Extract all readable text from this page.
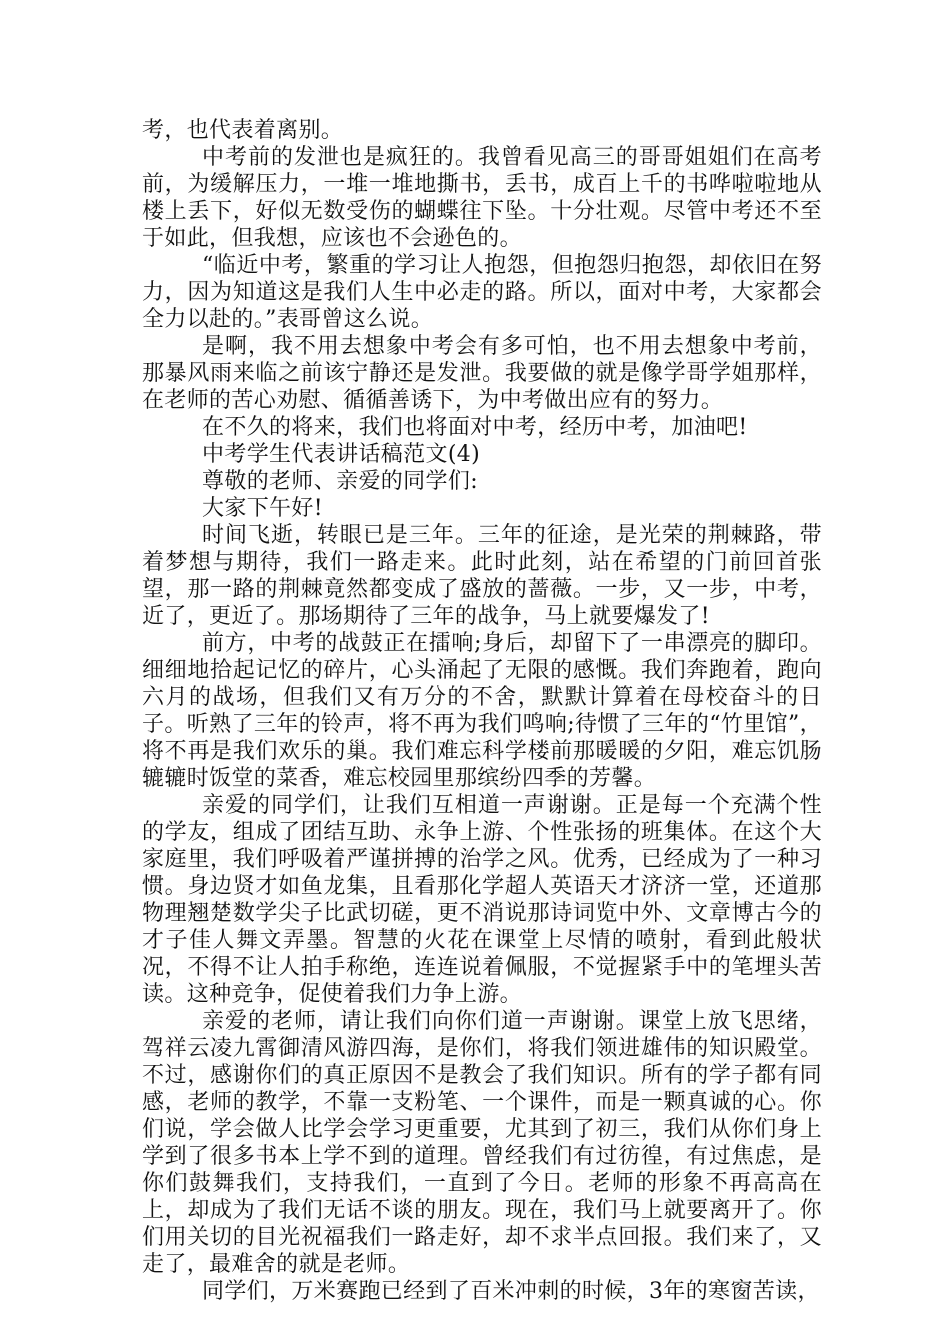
考，也代表着离别。

中考前的发泄也是疯狂的。我曾看见高三的哥哥姐姐们在高考前，为缓解压力，一堆一堆地撕书，丢书，成百上千的书哗啦啦地从楼上丢下，好似无数受伤的蝴蝶往下坠。十分壮观。尽管中考还不至于如此，但我想，应该也不会逊色的。

“临近中考，繁重的学习让人抱怨，但抱怨归抱怨，却依旧在努力，因为知道这是我们人生中必走的路。所以，面对中考，大家都会全力以赴的。”表哥曾这么说。

是啊，我不用去想象中考会有多可怕，也不用去想象中考前，那暴风雨来临之前该宁静还是发泄。我要做的就是像学哥学姐那样，在老师的苦心劝慰、循循善诱下，为中考做出应有的努力。

在不久的将来，我们也将面对中考，经历中考，加油吧!

中考学生代表讲话稿范文(4)

尊敬的老师、亲爱的同学们:

大家下午好!

时间飞逝，转眼已是三年。三年的征途，是光荣的荆棘路，带着梦想与期待，我们一路走来。此时此刻，站在希望的门前回首张望，那一路的荆棘竟然都变成了盛放的蔷薇。一步，又一步，中考，近了，更近了。那场期待了三年的战争，马上就要爆发了!

前方，中考的战鼓正在擂响;身后，却留下了一串漂亮的脚印。细细地拾起记忆的碎片，心头涌起了无限的感慨。我们奔跑着，跑向六月的战场，但我们又有万分的不舍，默默计算着在母校奋斗的日子。听熟了三年的铃声，将不再为我们鸣响;待惯了三年的“竹里馆”，将不再是我们欢乐的巢。我们难忘科学楼前那暖暖的夕阳，难忘饥肠辘辘时饭堂的菜香，难忘校园里那缤纷四季的芳馨。

亲爱的同学们，让我们互相道一声谢谢。正是每一个充满个性的学友，组成了团结互助、永争上游、个性张扬的班集体。在这个大家庭里，我们呼吸着严谨拼搏的治学之风。优秀，已经成为了一种习惯。身边贤才如鱼龙集，且看那化学超人英语天才济济一堂，还道那物理翘楚数学尖子比武切磋，更不消说那诗词览中外、文章博古今的才子佳人舞文弄墨。智慧的火花在课堂上尽情的喷射，看到此般状况，不得不让人拍手称绝，连连说着佩服，不觉握紧手中的笔埋头苦读。这种竞争，促使着我们力争上游。

亲爱的老师，请让我们向你们道一声谢谢。课堂上放飞思绪，驾祥云凌九霄御清风游四海，是你们，将我们领进雄伟的知识殿堂。不过，感谢你们的真正原因不是教会了我们知识。所有的学子都有同感，老师的教学，不靠一支粉笔、一个课件，而是一颗真诚的心。你们说，学会做人比学会学习更重要，尤其到了初三，我们从你们身上学到了很多书本上学不到的道理。曾经我们有过彷徨，有过焦虑，是你们鼓舞我们，支持我们，一直到了今日。老师的形象不再高高在上，却成为了我们无话不谈的朋友。现在，我们马上就要离开了。你们用关切的目光祝福我们一路走好，却不求半点回报。我们来了，又走了，最难舍的就是老师。

同学们，万米赛跑已经到了百米冲刺的时候，3年的寒窗苦读，
